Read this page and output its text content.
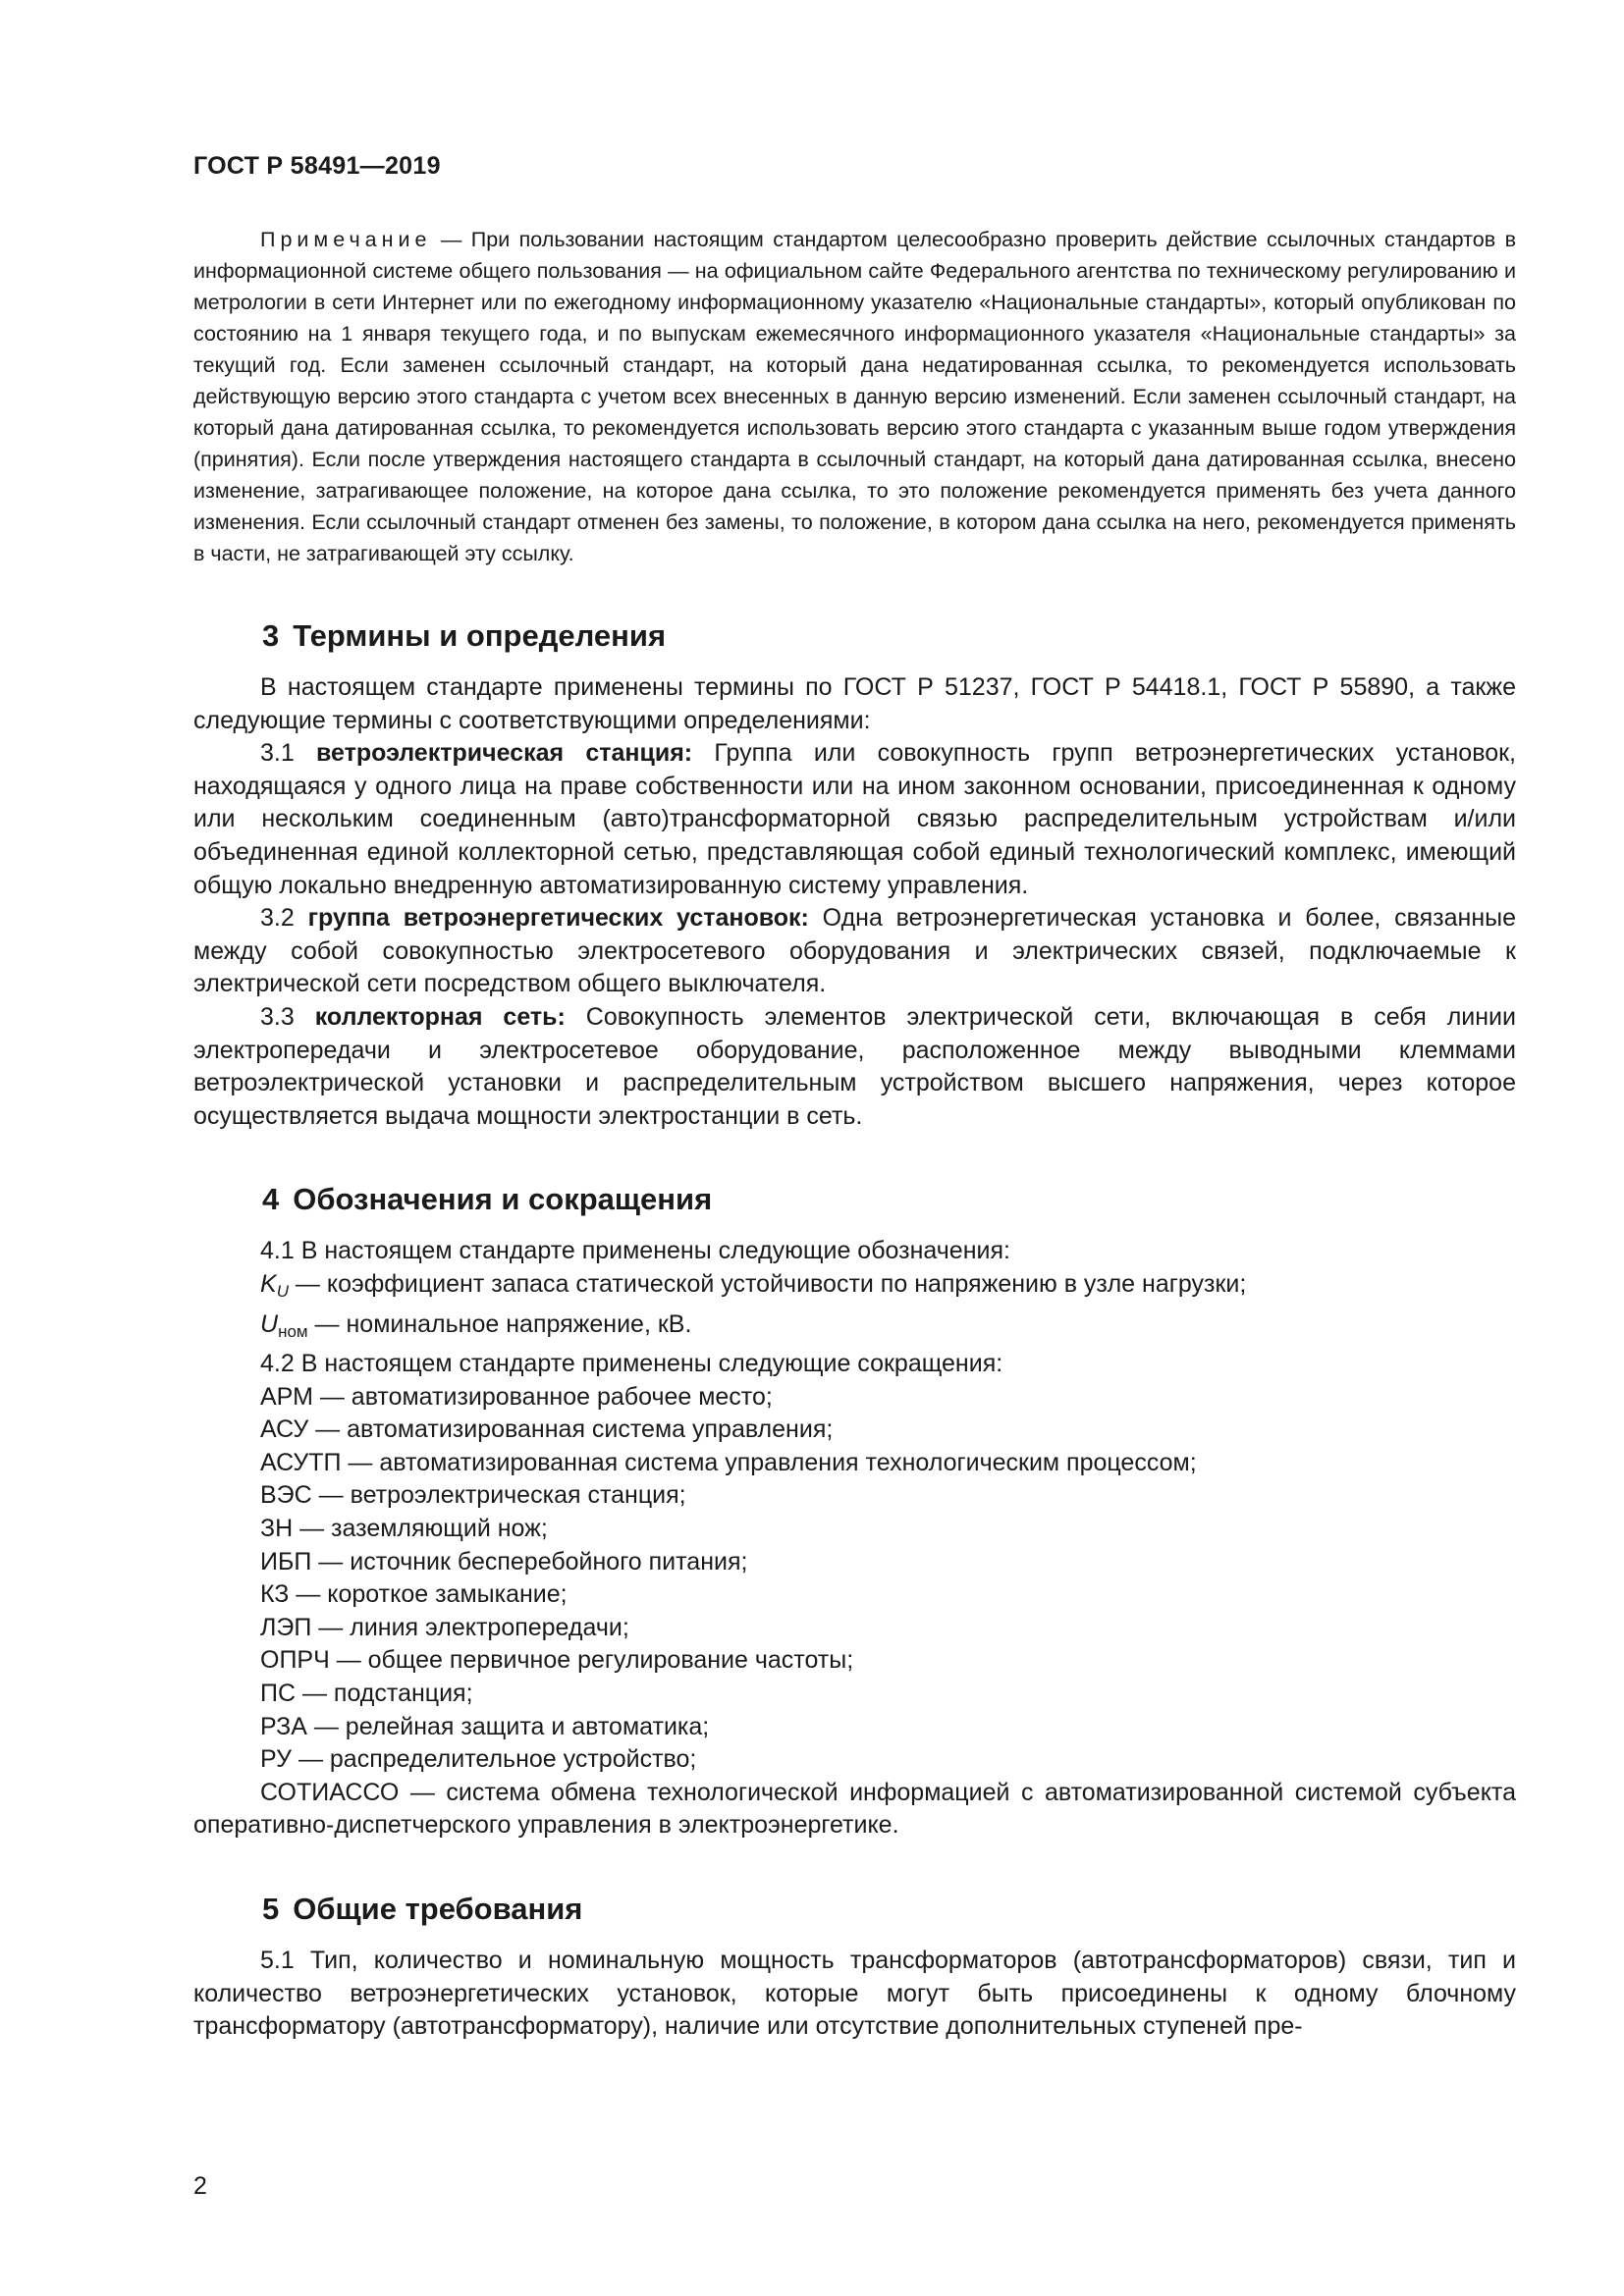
ГОСТ Р 58491—2019

Примечание — При пользовании настоящим стандартом целесообразно проверить действие ссылочных стандартов в информационной системе общего пользования — на официальном сайте Федерального агентства по техническому регулированию и метрологии в сети Интернет или по ежегодному информационному указателю «Национальные стандарты», который опубликован по состоянию на 1 января текущего года, и по выпускам ежемесячного информационного указателя «Национальные стандарты» за текущий год. Если заменен ссылочный стандарт, на который дана недатированная ссылка, то рекомендуется использовать действующую версию этого стандарта с учетом всех внесенных в данную версию изменений. Если заменен ссылочный стандарт, на который дана датированная ссылка, то рекомендуется использовать версию этого стандарта с указанным выше годом утверждения (принятия). Если после утверждения настоящего стандарта в ссылочный стандарт, на который дана датированная ссылка, внесено изменение, затрагивающее положение, на которое дана ссылка, то это положение рекомендуется применять без учета данного изменения. Если ссылочный стандарт отменен без замены, то положение, в котором дана ссылка на него, рекомендуется применять в части, не затрагивающей эту ссылку.

3 Термины и определения

В настоящем стандарте применены термины по ГОСТ Р 51237, ГОСТ Р 54418.1, ГОСТ Р 55890, а также следующие термины с соответствующими определениями:

3.1 ветроэлектрическая станция: Группа или совокупность групп ветроэнергетических установок, находящаяся у одного лица на праве собственности или на ином законном основании, присоединенная к одному или нескольким соединенным (авто)трансформаторной связью распределительным устройствам и/или объединенная единой коллекторной сетью, представляющая собой единый технологический комплекс, имеющий общую локально внедренную автоматизированную систему управления.

3.2 группа ветроэнергетических установок: Одна ветроэнергетическая установка и более, связанные между собой совокупностью электросетевого оборудования и электрических связей, подключаемые к электрической сети посредством общего выключателя.

3.3 коллекторная сеть: Совокупность элементов электрической сети, включающая в себя линии электропередачи и электросетевое оборудование, расположенное между выводными клеммами ветроэлектрической установки и распределительным устройством высшего напряжения, через которое осуществляется выдача мощности электростанции в сеть.

4 Обозначения и сокращения

4.1 В настоящем стандарте применены следующие обозначения:

$K_U$ — коэффициент запаса статической устойчивости по напряжению в узле нагрузки;

$U_{ном}$ — номинальное напряжение, кВ.

4.2 В настоящем стандарте применены следующие сокращения:

АРМ — автоматизированное рабочее место;

АСУ — автоматизированная система управления;

АСУТП — автоматизированная система управления технологическим процессом;

ВЭС — ветроэлектрическая станция;

ЗН — заземляющий нож;

ИБП — источник бесперебойного питания;

КЗ — короткое замыкание;

ЛЭП — линия электропередачи;

ОПРЧ — общее первичное регулирование частоты;

ПС — подстанция;

РЗА — релейная защита и автоматика;

РУ — распределительное устройство;

СОТИАССО — система обмена технологической информацией с автоматизированной системой субъекта оперативно-диспетчерского управления в электроэнергетике.

5 Общие требования

5.1 Тип, количество и номинальную мощность трансформаторов (автотрансформаторов) связи, тип и количество ветроэнергетических установок, которые могут быть присоединены к одному блочному трансформатору (автотрансформатору), наличие или отсутствие дополнительных ступеней пре-

2
